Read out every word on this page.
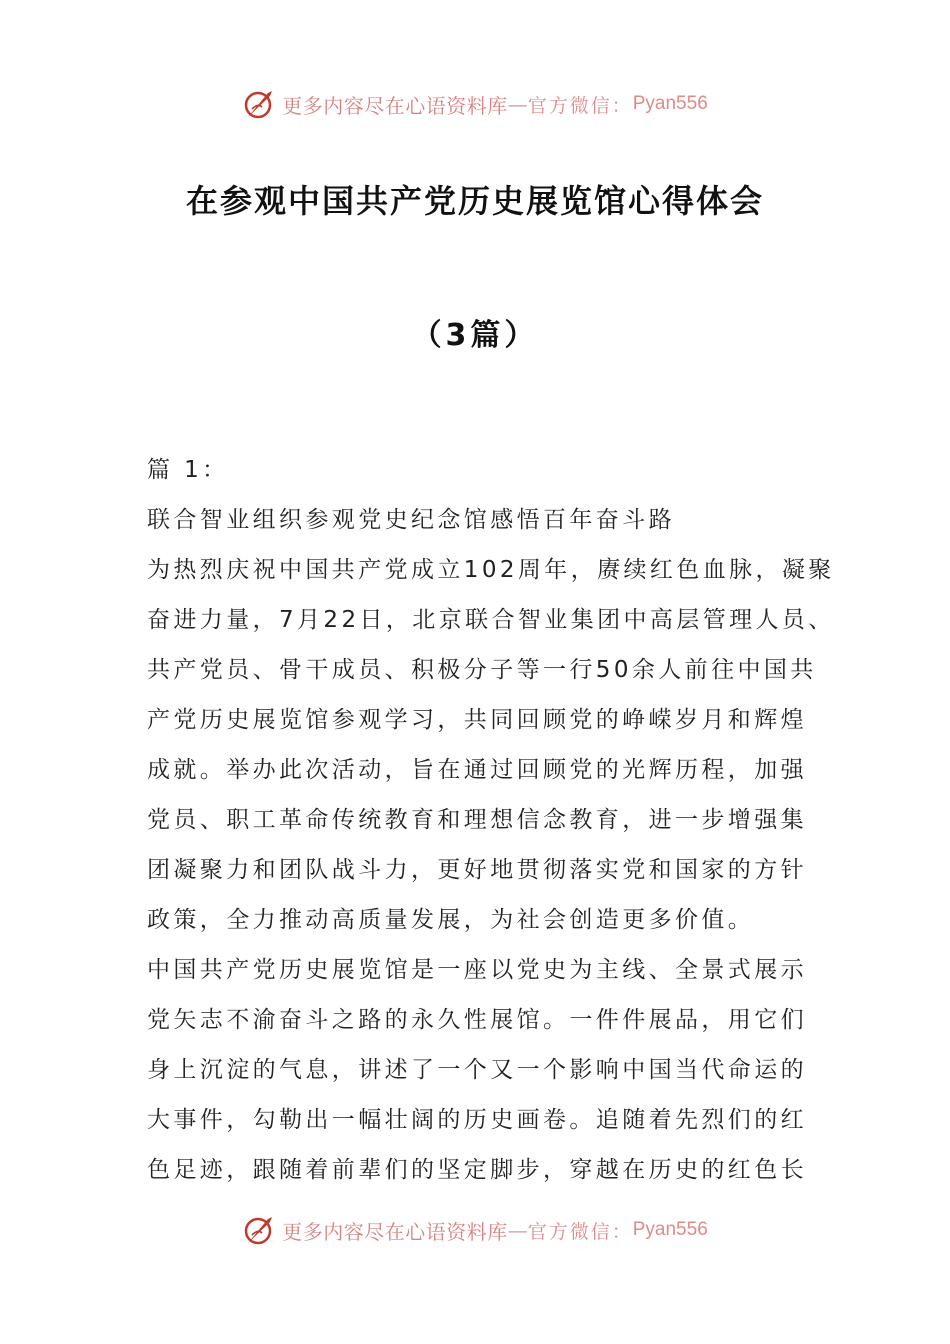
更多内容尽在心语资料库 — 官方微信： Pyan556
在参观中国共产党历史展览馆心得体会
（3篇）
篇 1：
联合智业组织参观党史纪念馆感悟百年奋斗路
为热烈庆祝中国共产党成立102周年，赓续红色血脉，凝聚
奋进力量，7月22日，北京联合智业集团中高层管理人员、
共产党员、骨干成员、积极分子等一行50余人前往中国共
产党历史展览馆参观学习，共同回顾党的峥嵘岁月和辉煌
成就。举办此次活动，旨在通过回顾党的光辉历程，加强
党员、职工革命传统教育和理想信念教育，进一步增强集
团凝聚力和团队战斗力，更好地贯彻落实党和国家的方针
政策，全力推动高质量发展，为社会创造更多价值。
中国共产党历史展览馆是一座以党史为主线、全景式展示
党矢志不渝奋斗之路的永久性展馆。一件件展品，用它们
身上沉淀的气息，讲述了一个又一个影响中国当代命运的
大事件，勾勒出一幅壮阔的历史画卷。追随着先烈们的红
色足迹，跟随着前辈们的坚定脚步，穿越在历史的红色长
更多内容尽在心语资料库 — 官方微信： Pyan556
